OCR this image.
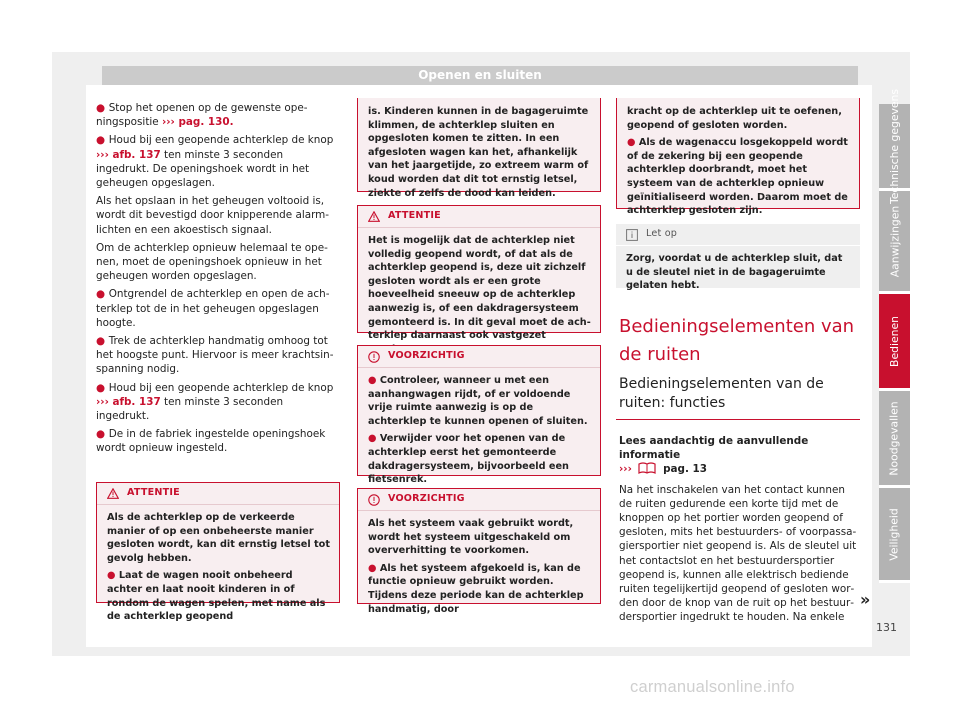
Openen en sluiten

● Stop het openen op de gewenste openingspositie ››› pag. 130.

● Houd bij een geopende achterklep de knop ››› afb. 137 ten minste 3 seconden ingedrukt. De openingshoek wordt in het geheugen opgeslagen.

Als het opslaan in het geheugen voltooid is, wordt dit bevestigd door knipperende alarmlichten en een akoestisch signaal.

Om de achterklep opnieuw helemaal te openen, moet de openingshoek opnieuw in het geheugen worden opgeslagen.

● Ontgrendel de achterklep en open de achterklep tot de in het geheugen opgeslagen hoogte.

● Trek de achterklep handmatig omhoog tot het hoogste punt. Hiervoor is meer krachtsinspanning nodig.

● Houd bij een geopende achterklep de knop ››› afb. 137 ten minste 3 seconden ingedrukt.

● De in de fabriek ingestelde openingshoek wordt opnieuw ingesteld.

ATTENTIE

Als de achterklep op de verkeerde manier of op een onbeheerste manier gesloten wordt, kan dit ernstig letsel tot gevolg hebben.

● Laat de wagen nooit onbeheerd achter en laat nooit kinderen in of rondom de wagen spelen, met name als de achterklep geopend

is. Kinderen kunnen in de bagageruimte klimmen, de achterklep sluiten en opgesloten komen te zitten. In een afgesloten wagen kan het, afhankelijk van het jaargetijde, zo extreem warm of koud worden dat dit tot ernstig letsel, ziekte of zelfs de dood kan leiden.

ATTENTIE

Het is mogelijk dat de achterklep niet volledig geopend wordt, of dat als de achterklep geopend is, deze uit zichzelf gesloten wordt als er een grote hoeveelheid sneeuw op de achterklep aanwezig is, of een dakdragersysteem gemonteerd is. In dit geval moet de achterklep daarnaast ook vastgezet

VOORZICHTIG

● Controleer, wanneer u met een aanhangwagen rijdt, of er voldoende vrije ruimte aanwezig is op de achterklep te kunnen openen of sluiten.

● Verwijder voor het openen van de achterklep eerst het gemonteerde dakdragersysteem, bijvoorbeeld een fietsenrek.

VOORZICHTIG

Als het systeem vaak gebruikt wordt, wordt het systeem uitgeschakeld om oververhitting te voorkomen.

● Als het systeem afgekoeld is, kan de functie opnieuw gebruikt worden. Tijdens deze periode kan de achterklep handmatig, door

kracht op de achterklep uit te oefenen, geopend of gesloten worden.

● Als de wagenaccu losgekoppeld wordt of de zekering bij een geopende achterklep doorbrandt, moet het systeem van de achterklep opnieuw geïnitialiseerd worden. Daarom moet de achterklep gesloten zijn.

Let op

Zorg, voordat u de achterklep sluit, dat u de sleutel niet in de bagageruimte gelaten hebt.

Bedieningselementen van de ruiten
Bedieningselementen van de ruiten: functies

Lees aandachtig de aanvullende informatie
›››	pag. 13

Na het inschakelen van het contact kunnen de ruiten gedurende een korte tijd met de knoppen op het portier worden geopend of gesloten, mits het bestuurders- of voorpassagiersportier niet geopend is. Als de sleutel uit het contactslot en het bestuurdersportier geopend is, kunnen alle elektrisch bediende ruiten tegelijkertijd geopend of gesloten worden door de knop van de ruit op het bestuurdersportier ingedrukt te houden. Na enkele

»
Technische gegevens
Aanwijzingen
Bedienen
Noodgevallen
Veiligheid
131
carmanualsonline.info
